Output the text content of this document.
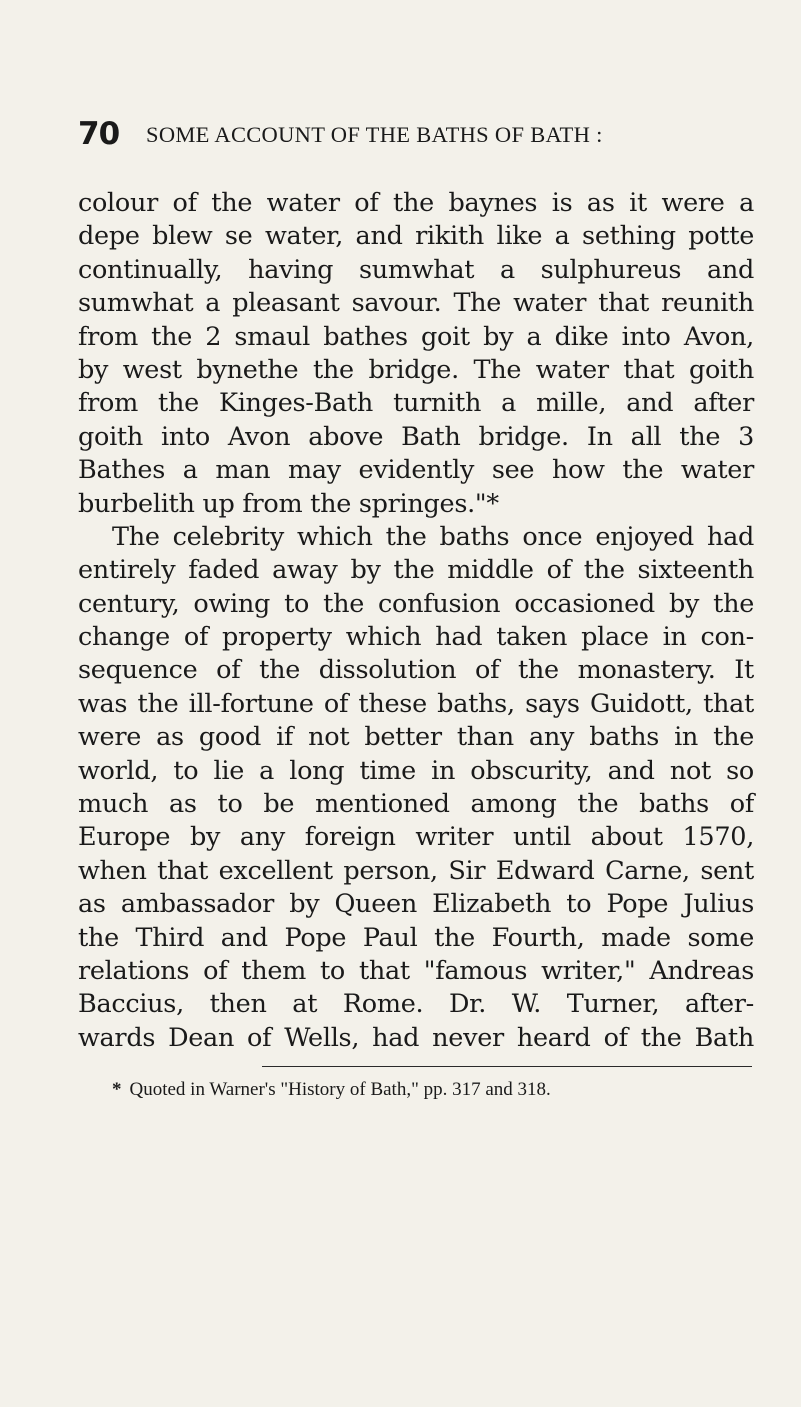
70 SOME ACCOUNT OF THE BATHS OF BATH :
colour of the water of the baynes is as it were a
depe blew se water, and rikith like a sething potte
continually, having sumwhat a sulphureus and
sumwhat a pleasant savour. The water that reunith
from the 2 smaul bathes goit by a dike into Avon,
by west bynethe the bridge. The water that goith
from the Kinges-Bath turnith a mille, and after
goith into Avon above Bath bridge. In all the 3
Bathes a man may evidently see how the water
burbelith up from the springes."*
The celebrity which the baths once enjoyed had
entirely faded away by the middle of the sixteenth
century, owing to the confusion occasioned by the
change of property which had taken place in con-
sequence of the dissolution of the monastery. It
was the ill-fortune of these baths, says Guidott, that
were as good if not better than any baths in the
world, to lie a long time in obscurity, and not so
much as to be mentioned among the baths of
Europe by any foreign writer until about 1570,
when that excellent person, Sir Edward Carne, sent
as ambassador by Queen Elizabeth to Pope Julius
the Third and Pope Paul the Fourth, made some
relations of them to that "famous writer," Andreas
Baccius, then at Rome. Dr. W. Turner, after-
wards Dean of Wells, had never heard of the Bath
* Quoted in Warner's "History of Bath," pp. 317 and 318.
